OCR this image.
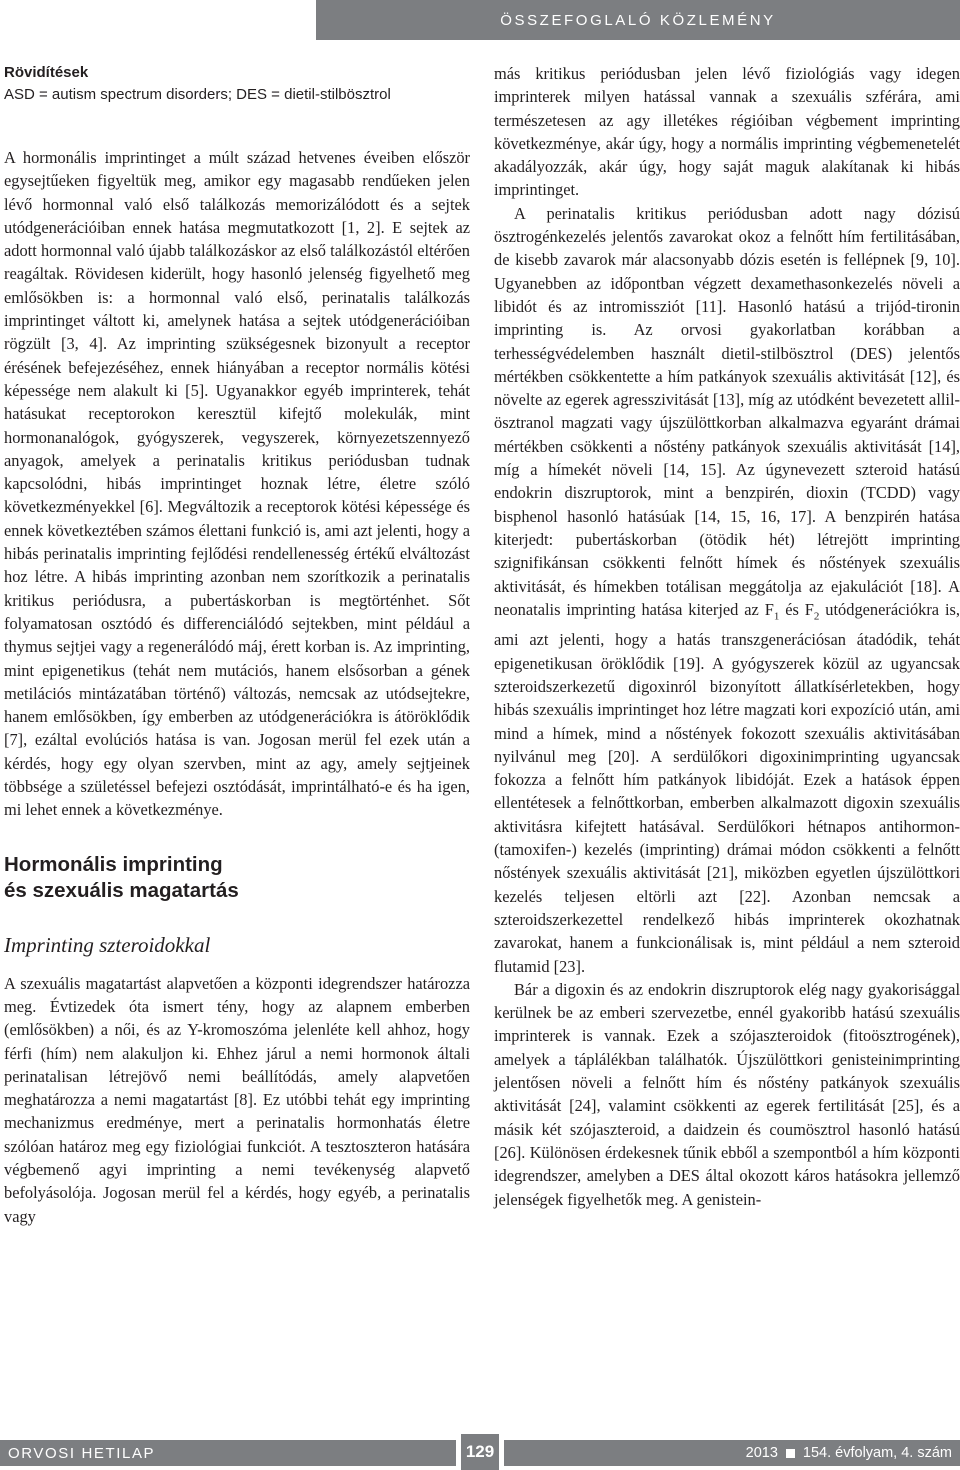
ÖSSZEFOGLALÓ KÖZLEMÉNY
Rövidítések
ASD = autism spectrum disorders; DES = dietil-stilbösztrol

A hormonális imprintinget a múlt század hetvenes éveiben először egysejtűeken figyeltük meg, amikor egy magasabb rendűeken jelen lévő hormonnal való első találkozás memorizálódott és a sejtek utódgenerációiban ennek hatása megmutatkozott [1, 2]. E sejtek az adott hormonnal való újabb találkozáskor az első találkozástól eltérően reagáltak. Rövidesen kiderült, hogy hasonló jelenség figyelhető meg emlősökben is: a hormonnal való első, perinatalis találkozás imprintinget váltott ki, amelynek hatása a sejtek utódgenerációiban rögzült [3, 4]. Az imprinting szükségesnek bizonyult a receptor érésének befejezéséhez, ennek hiányában a receptor normális kötési képessége nem alakult ki [5]. Ugyanakkor egyéb imprinterek, tehát hatásukat receptorokon keresztül kifejtő molekulák, mint hormonanalógok, gyógyszerek, vegyszerek, környezetszennyező anyagok, amelyek a perinatalis kritikus periódusban tudnak kapcsolódni, hibás imprintinget hoznak létre, életre szóló következményekkel [6]. Megváltozik a receptorok kötési képessége és ennek következtében számos élettani funkció is, ami azt jelenti, hogy a hibás perinatalis imprinting fejlődési rendellenesség értékű elváltozást hoz létre. A hibás imprinting azonban nem szorítkozik a perinatalis kritikus periódusra, a pubertáskorban is megtörténhet. Sőt folyamatosan osztódó és differenciálódó sejtekben, mint például a thymus sejtjei vagy a regenerálódó máj, érett korban is. Az imprinting, mint epigenetikus (tehát nem mutációs, hanem elsősorban a gének metilációs mintázatában történő) változás, nemcsak az utódsejtekre, hanem emlősökben, így emberben az utódgenerációkra is átöröklődik [7], ezáltal evolúciós hatása is van. Jogosan merül fel ezek után a kérdés, hogy egy olyan szervben, mint az agy, amely sejtjeinek többsége a születéssel befejezi osztódását, imprintálható-e és ha igen, mi lehet ennek a következménye.

Hormonális imprinting
és szexuális magatartás
Imprinting szteroidokkal

A szexuális magatartást alapvetően a központi idegrendszer határozza meg. Évtizedek óta ismert tény, hogy az alapnem emberben (emlősökben) a női, és az Y-kromoszóma jelenléte kell ahhoz, hogy férfi (hím) nem alakuljon ki. Ehhez járul a nemi hormonok általi perinatalisan létrejövő nemi beállítódás, amely alapvetően meghatározza a nemi magatartást [8]. Ez utóbbi tehát egy imprinting mechanizmus eredménye, mert a perinatalis hormonhatás életre szólóan határoz meg egy fiziológiai funkciót. A tesztoszteron hatására végbemenő agyi imprinting a nemi tevékenység alapvető befolyásolója. Jogosan merül fel a kérdés, hogy egyéb, a perinatalis vagy

más kritikus periódusban jelen lévő fiziológiás vagy idegen imprinterek milyen hatással vannak a szexuális szférára, ami természetesen az agy illetékes régióiban végbement imprinting következménye, akár úgy, hogy a normális imprinting végbemenetelét akadályozzák, akár úgy, hogy saját maguk alakítanak ki hibás imprintinget.

A perinatalis kritikus periódusban adott nagy dózisú ösztrogénkezelés jelentős zavarokat okoz a felnőtt hím fertilitásában, de kisebb zavarok már alacsonyabb dózis esetén is fellépnek [9, 10]. Ugyanebben az időpontban végzett dexamethasonkezelés növeli a libidót és az intromissziót [11]. Hasonló hatású a trijód-tironin imprinting is. Az orvosi gyakorlatban korábban a terhességvédelemben használt dietil-stilbösztrol (DES) jelentős mértékben csökkentette a hím patkányok szexuális aktivitását [12], és növelte az egerek agresszivitását [13], míg az utódként bevezetett allil-ösztranol magzati vagy újszülöttkorban alkalmazva egyaránt drámai mértékben csökkenti a nőstény patkányok szexuális aktivitását [14], míg a hímekét növeli [14, 15]. Az úgynevezett szteroid hatású endokrin diszruptorok, mint a benzpirén, dioxin (TCDD) vagy bisphenol hasonló hatásúak [14, 15, 16, 17]. A benzpirén hatása kiterjedt: pubertáskorban (ötödik hét) létrejött imprinting szignifikánsan csökkenti felnőtt hímek és nőstények szexuális aktivitását, és hímekben totálisan meggátolja az ejakulációt [18]. A neonatalis imprinting hatása kiterjed az $F_1$ és $F_2$ utódgenerációkra is, ami azt jelenti, hogy a hatás transzgenerációsan átadódik, tehát epigenetikusan öröklődik [19]. A gyógyszerek közül az ugyancsak szteroidszerkezetű digoxinról bizonyított állatkísérletekben, hogy hibás szexuális imprintinget hoz létre magzati kori expozíció után, ami mind a hímek, mind a nőstények fokozott szexuális aktivitásában nyilvánul meg [20]. A serdülőkori digoxinimprinting ugyancsak fokozza a felnőtt hím patkányok libidóját. Ezek a hatások éppen ellentétesek a felnőttkorban, emberben alkalmazott digoxin szexuális aktivitásra kifejtett hatásával. Serdülőkori hétnapos antihormon- (tamoxifen-) kezelés (imprinting) drámai módon csökkenti a felnőtt nőstények szexuális aktivitását [21], miközben egyetlen újszülöttkori kezelés teljesen eltörli azt [22]. Azonban nemcsak a szteroidszerkezettel rendelkező hibás imprinterek okozhatnak zavarokat, hanem a funkcionálisak is, mint például a nem szteroid flutamid [23].

Bár a digoxin és az endokrin diszruptorok elég nagy gyakorisággal kerülnek be az emberi szervezetbe, ennél gyakoribb hatású szexuális imprinterek is vannak. Ezek a szójaszteroidok (fitoösztrogének), amelyek a táplálékban találhatók. Újszülöttkori genisteinimprinting jelentősen növeli a felnőtt hím és nőstény patkányok szexuális aktivitását [24], valamint csökkenti az egerek fertilitását [25], és a másik két szójaszteroid, a daidzein és coumösztrol hasonló hatású [26]. Különösen érdekesnek tűnik ebből a szempontból a hím központi idegrendszer, amelyben a DES által okozott káros hatásokra jellemző jelenségek figyelhetők meg. A genistein-

ORVOSI HETILAP	129	2013 154. évfolyam, 4. szám
